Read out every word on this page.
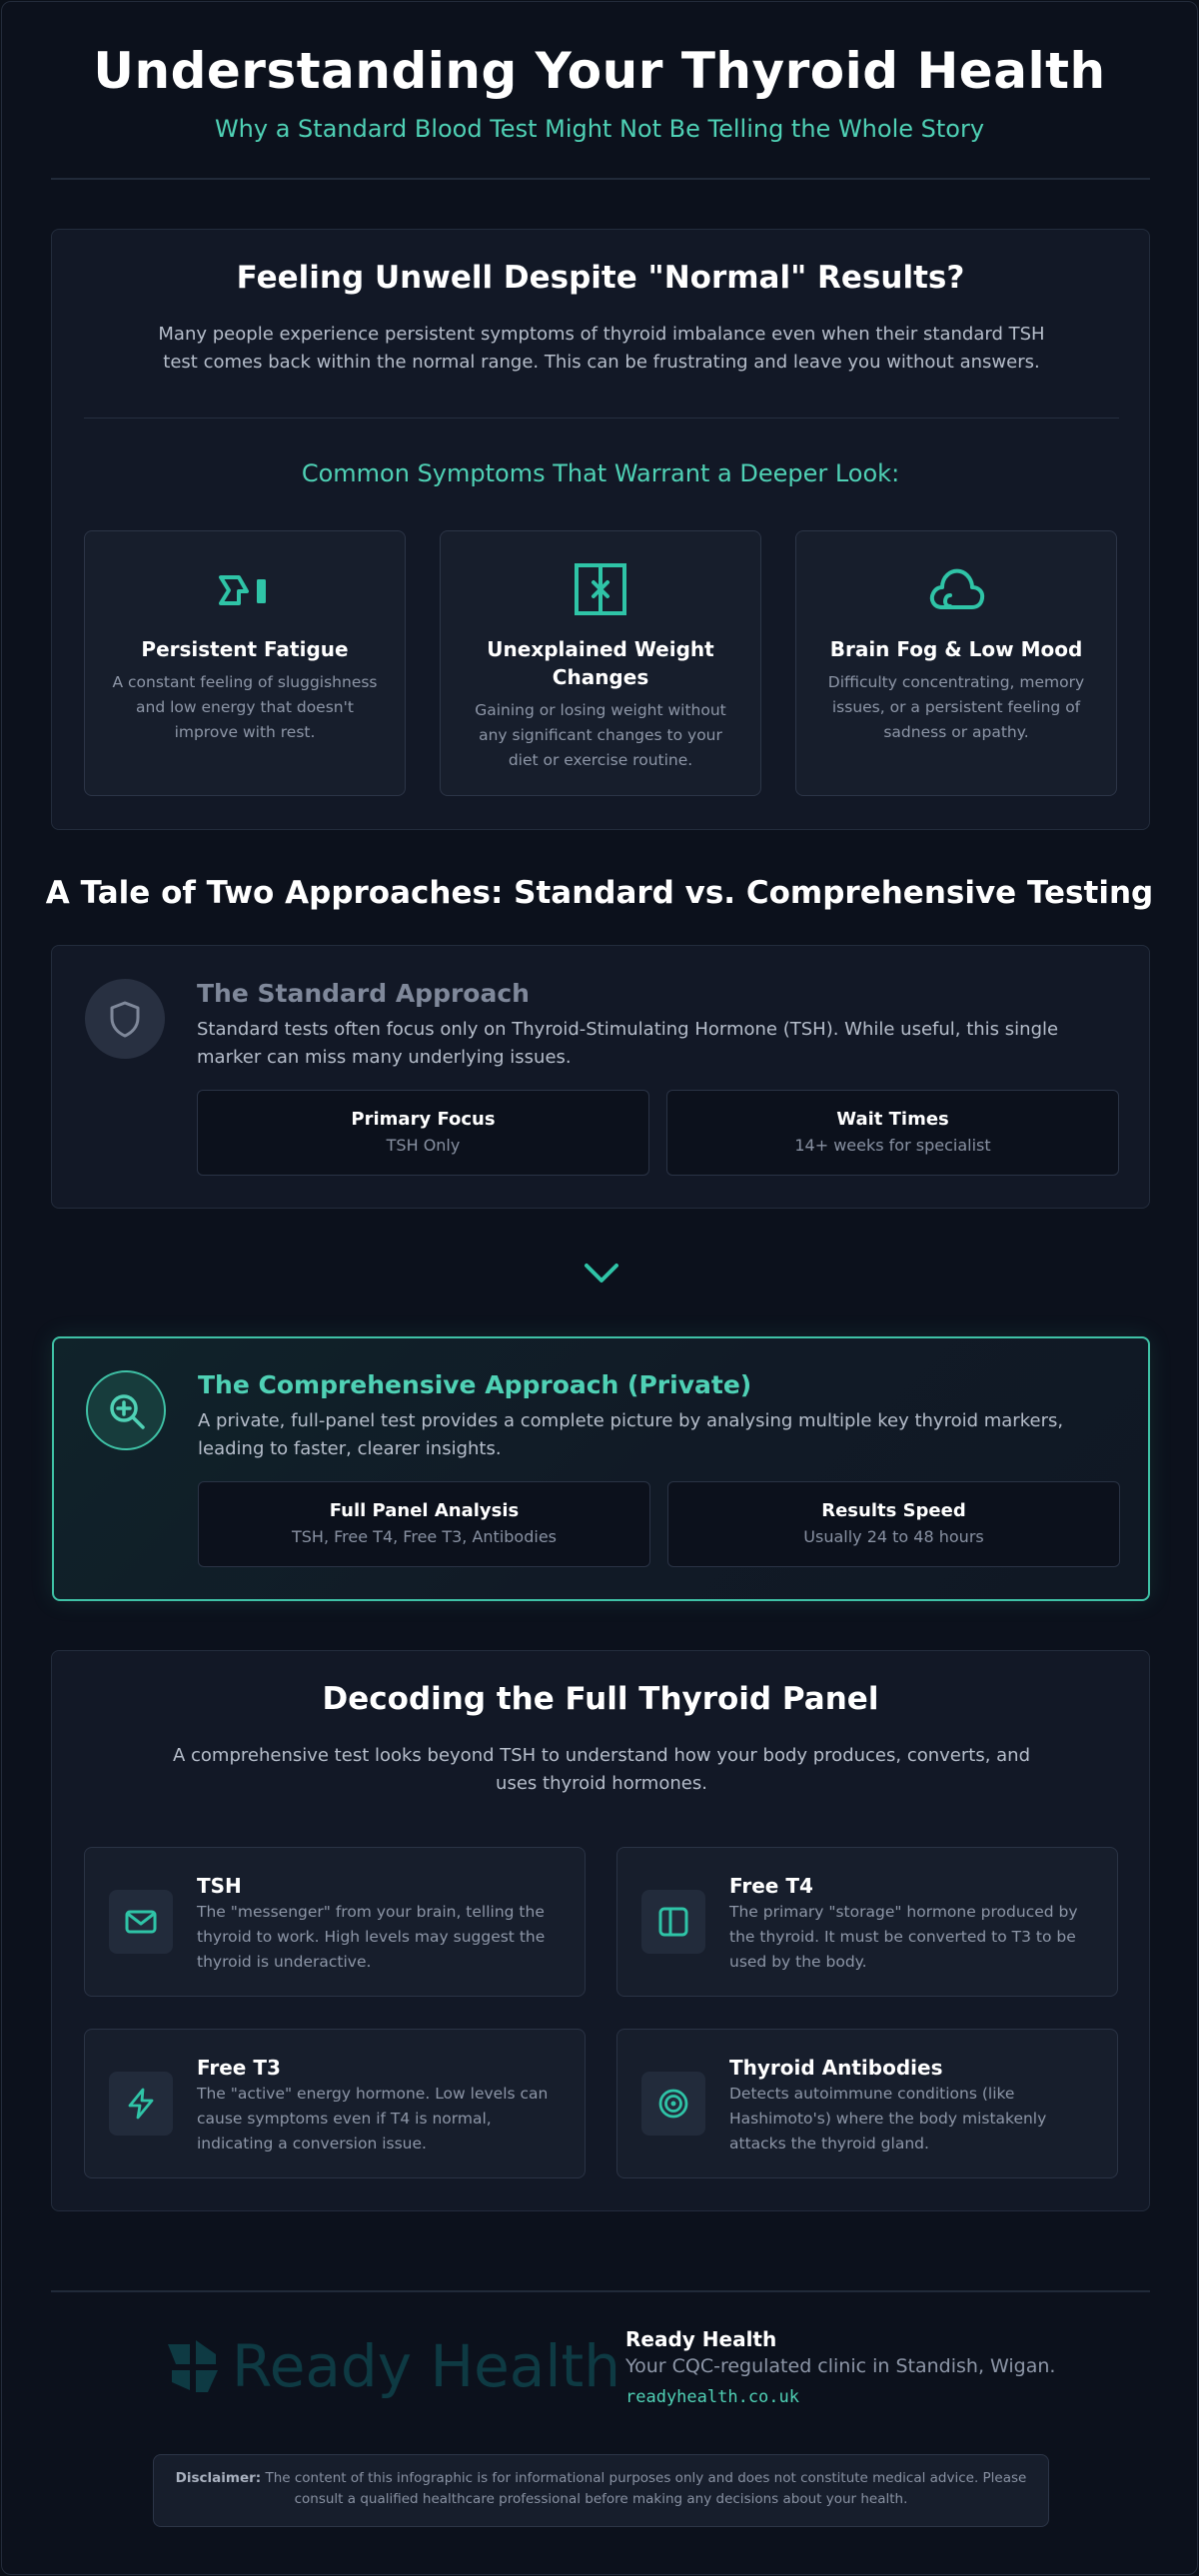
Understanding Your Thyroid Health
Why a Standard Blood Test Might Not Be Telling the Whole Story
Feeling Unwell Despite "Normal" Results?
Many people experience persistent symptoms of thyroid imbalance even when their standard TSH test comes back within the normal range. This can be frustrating and leave you without answers.
Common Symptoms That Warrant a Deeper Look:
Persistent Fatigue
A constant feeling of sluggishness and low energy that doesn't improve with rest.
Unexplained Weight Changes
Gaining or losing weight without any significant changes to your diet or exercise routine.
Brain Fog & Low Mood
Difficulty concentrating, memory issues, or a persistent feeling of sadness or apathy.
A Tale of Two Approaches: Standard vs. Comprehensive Testing
The Standard Approach
Standard tests often focus only on Thyroid-Stimulating Hormone (TSH). While useful, this single marker can miss many underlying issues.
Primary Focus
TSH Only
Wait Times
14+ weeks for specialist
The Comprehensive Approach (Private)
A private, full-panel test provides a complete picture by analysing multiple key thyroid markers, leading to faster, clearer insights.
Full Panel Analysis
TSH, Free T4, Free T3, Antibodies
Results Speed
Usually 24 to 48 hours
Decoding the Full Thyroid Panel
A comprehensive test looks beyond TSH to understand how your body produces, converts, and uses thyroid hormones.
TSH
The "messenger" from your brain, telling the thyroid to work. High levels may suggest the thyroid is underactive.
Free T4
The primary "storage" hormone produced by the thyroid. It must be converted to T3 to be used by the body.
Free T3
The "active" energy hormone. Low levels can cause symptoms even if T4 is normal, indicating a conversion issue.
Thyroid Antibodies
Detects autoimmune conditions (like Hashimoto's) where the body mistakenly attacks the thyroid gland.
Ready Health Ready Health
Your CQC-regulated clinic in Standish, Wigan.
readyhealth.co.uk
Disclaimer: The content of this infographic is for informational purposes only and does not constitute medical advice. Please consult a qualified healthcare professional before making any decisions about your health.
